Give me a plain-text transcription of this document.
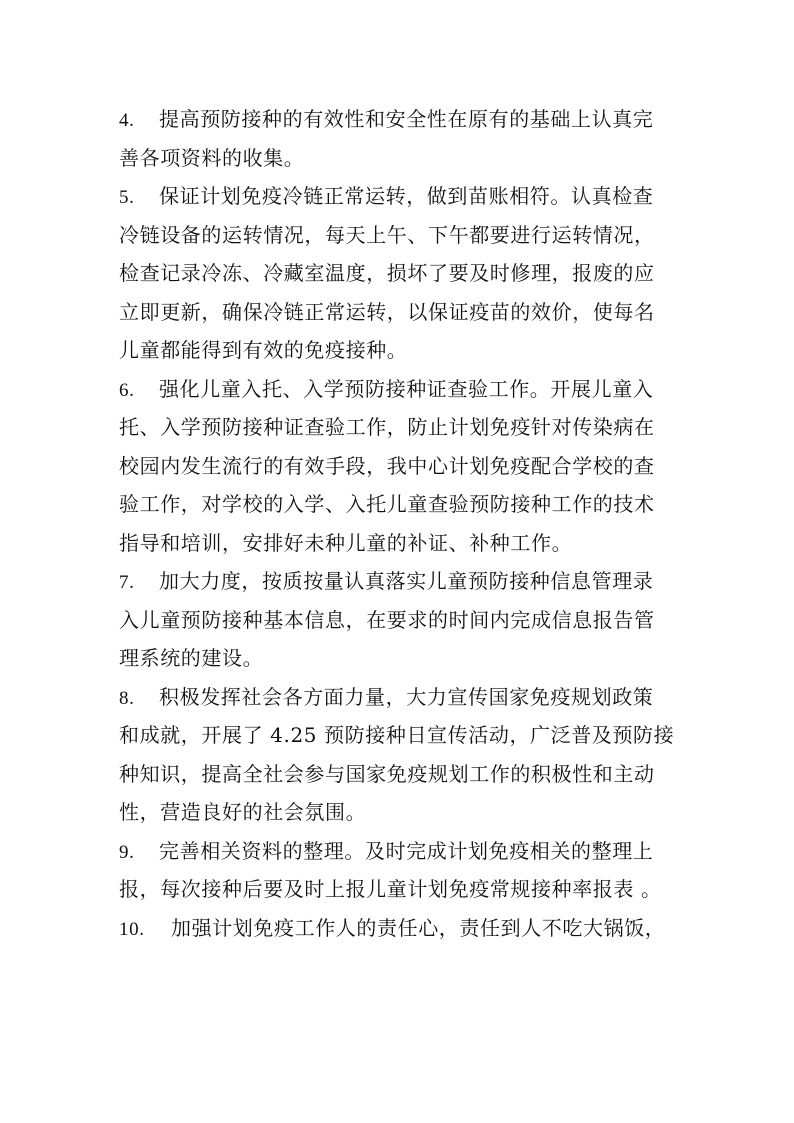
4. 提高预防接种的有效性和安全性在原有的基础上认真完
善各项资料的收集。
5. 保证计划免疫冷链正常运转，做到苗账相符。认真检查
冷链设备的运转情况，每天上午、下午都要进行运转情况，
检查记录冷冻、冷藏室温度，损坏了要及时修理，报废的应
立即更新，确保冷链正常运转，以保证疫苗的效价，使每名
儿童都能得到有效的免疫接种。
6. 强化儿童入托、入学预防接种证查验工作。开展儿童入
托、入学预防接种证查验工作，防止计划免疫针对传染病在
校园内发生流行的有效手段，我中心计划免疫配合学校的查
验工作，对学校的入学、入托儿童查验预防接种工作的技术
指导和培训，安排好未种儿童的补证、补种工作。
7. 加大力度，按质按量认真落实儿童预防接种信息管理录
入儿童预防接种基本信息，在要求的时间内完成信息报告管
理系统的建设。
8. 积极发挥社会各方面力量，大力宣传国家免疫规划政策
和成就，开展了 4.25 预防接种日宣传活动，广泛普及预防接
种知识，提高全社会参与国家免疫规划工作的积极性和主动
性，营造良好的社会氛围。
9. 完善相关资料的整理。及时完成计划免疫相关的整理上
报，每次接种后要及时上报儿童计划免疫常规接种率报表 。
10. 加强计划免疫工作人的责任心，责任到人不吃大锅饭，
